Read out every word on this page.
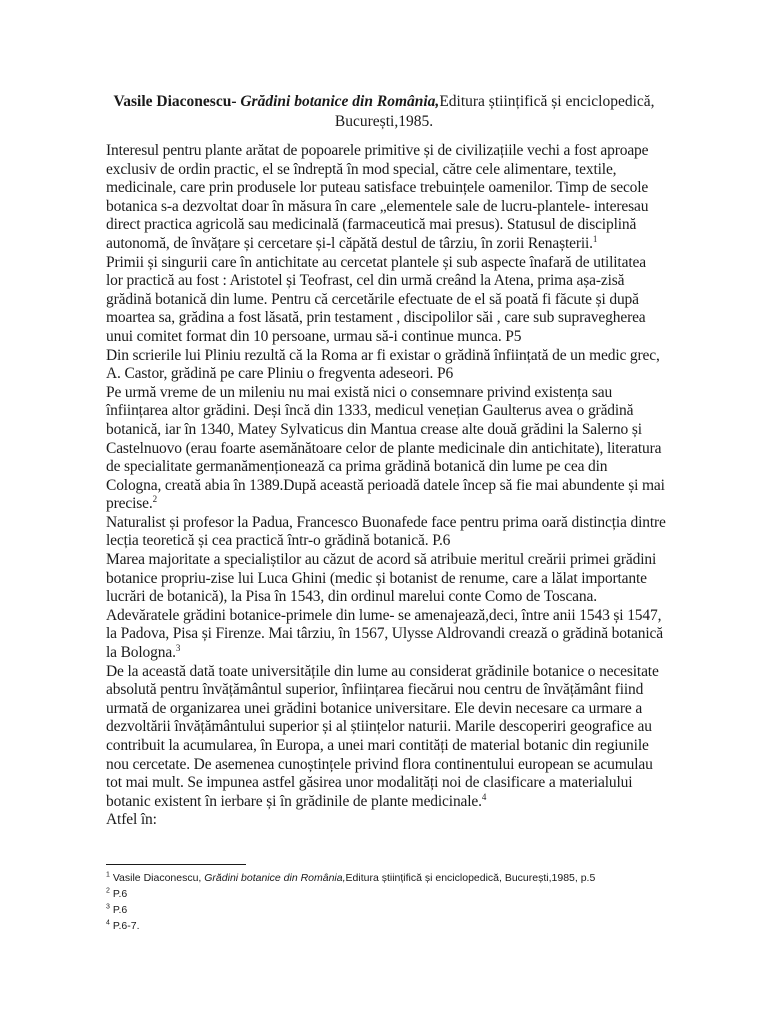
Vasile Diaconescu- Grădini botanice din România,Editura științifică și enciclopedică,
București,1985.

Interesul pentru plante arătat de popoarele primitive și de civilizațiile vechi a fost aproape exclusiv de ordin practic, el se îndreptă în mod special, către cele alimentare, textile, medicinale, care prin produsele lor puteau satisface trebuințele oamenilor. Timp de secole botanica s-a dezvoltat doar în măsura în care „elementele sale de lucru-plantele- interesau direct practica agricolă sau medicinală (farmaceutică mai presus). Statusul de disciplină autonomă, de învățare și cercetare și-l căpătă destul de târziu, în zorii Renașterii.$^1$

Primii și singurii care în antichitate au cercetat plantele și sub aspecte înafară de utilitatea lor practică au fost : Aristotel și Teofrast, cel din urmă creând la Atena, prima așa-zisă grădină botanică din lume. Pentru că cercetările efectuate de el să poată fi făcute și după moartea sa, grădina a fost lăsată, prin testament , discipolilor săi , care sub supravegherea unui comitet format din 10 persoane, urmau să-i continue munca. P5

Din scrierile lui Pliniu rezultă că la Roma ar fi existar o grădină înființată de un medic grec, A. Castor, grădină pe care Pliniu o fregventa adeseori. P6

Pe urmă vreme de un mileniu nu mai există nici o consemnare privind existența sau înființarea altor grădini. Deși încă din 1333, medicul venețian Gaulterus avea o grădină botanică, iar în 1340, Matey Sylvaticus din Mantua crease alte două grădini la Salerno și Castelnuovo (erau foarte asemănătoare celor de plante medicinale din antichitate), literatura de specialitate germanămenționează ca prima grădină botanică din lume pe cea din Cologna, creată abia în 1389.După această perioadă datele încep să fie mai abundente și mai precise.$^2$

Naturalist și profesor la Padua, Francesco Buonafede face pentru prima oară distincția dintre lecția teoretică și cea practică într-o grădină botanică. P.6

Marea majoritate a specialiștilor au căzut de acord să atribuie meritul creării primei grădini botanice propriu-zise lui Luca Ghini (medic și botanist de renume, care a lălat importante lucrări de botanică), la Pisa în 1543, din ordinul marelui conte Como de Toscana. Adevăratele grădini botanice-primele din lume- se amenajează,deci, între anii 1543 și 1547, la Padova, Pisa și Firenze. Mai târziu, în 1567, Ulysse Aldrovandi crează o grădină botanică la Bologna.$^3$

De la această dată toate universitățile din lume au considerat grădinile botanice o necesitate absolută pentru învățământul superior, înființarea fiecărui nou centru de învățământ fiind urmată de organizarea unei grădini botanice universitare. Ele devin necesare ca urmare a dezvoltării învățământului superior și al științelor naturii. Marile descoperiri geografice au contribuit la acumularea, în Europa, a unei mari contități de material botanic din regiunile nou cercetate. De asemenea cunoștințele privind flora continentului european se acumulau tot mai mult. Se impunea astfel găsirea unor modalități noi de clasificare a materialului botanic existent în ierbare și în grădinile de plante medicinale.$^4$

Atfel în:

$^1$ Vasile Diaconescu, Grădini botanice din România,Editura științifică și enciclopedică, București,1985, p.5

$^2$ P.6

$^3$ P.6

$^4$ P.6-7.
